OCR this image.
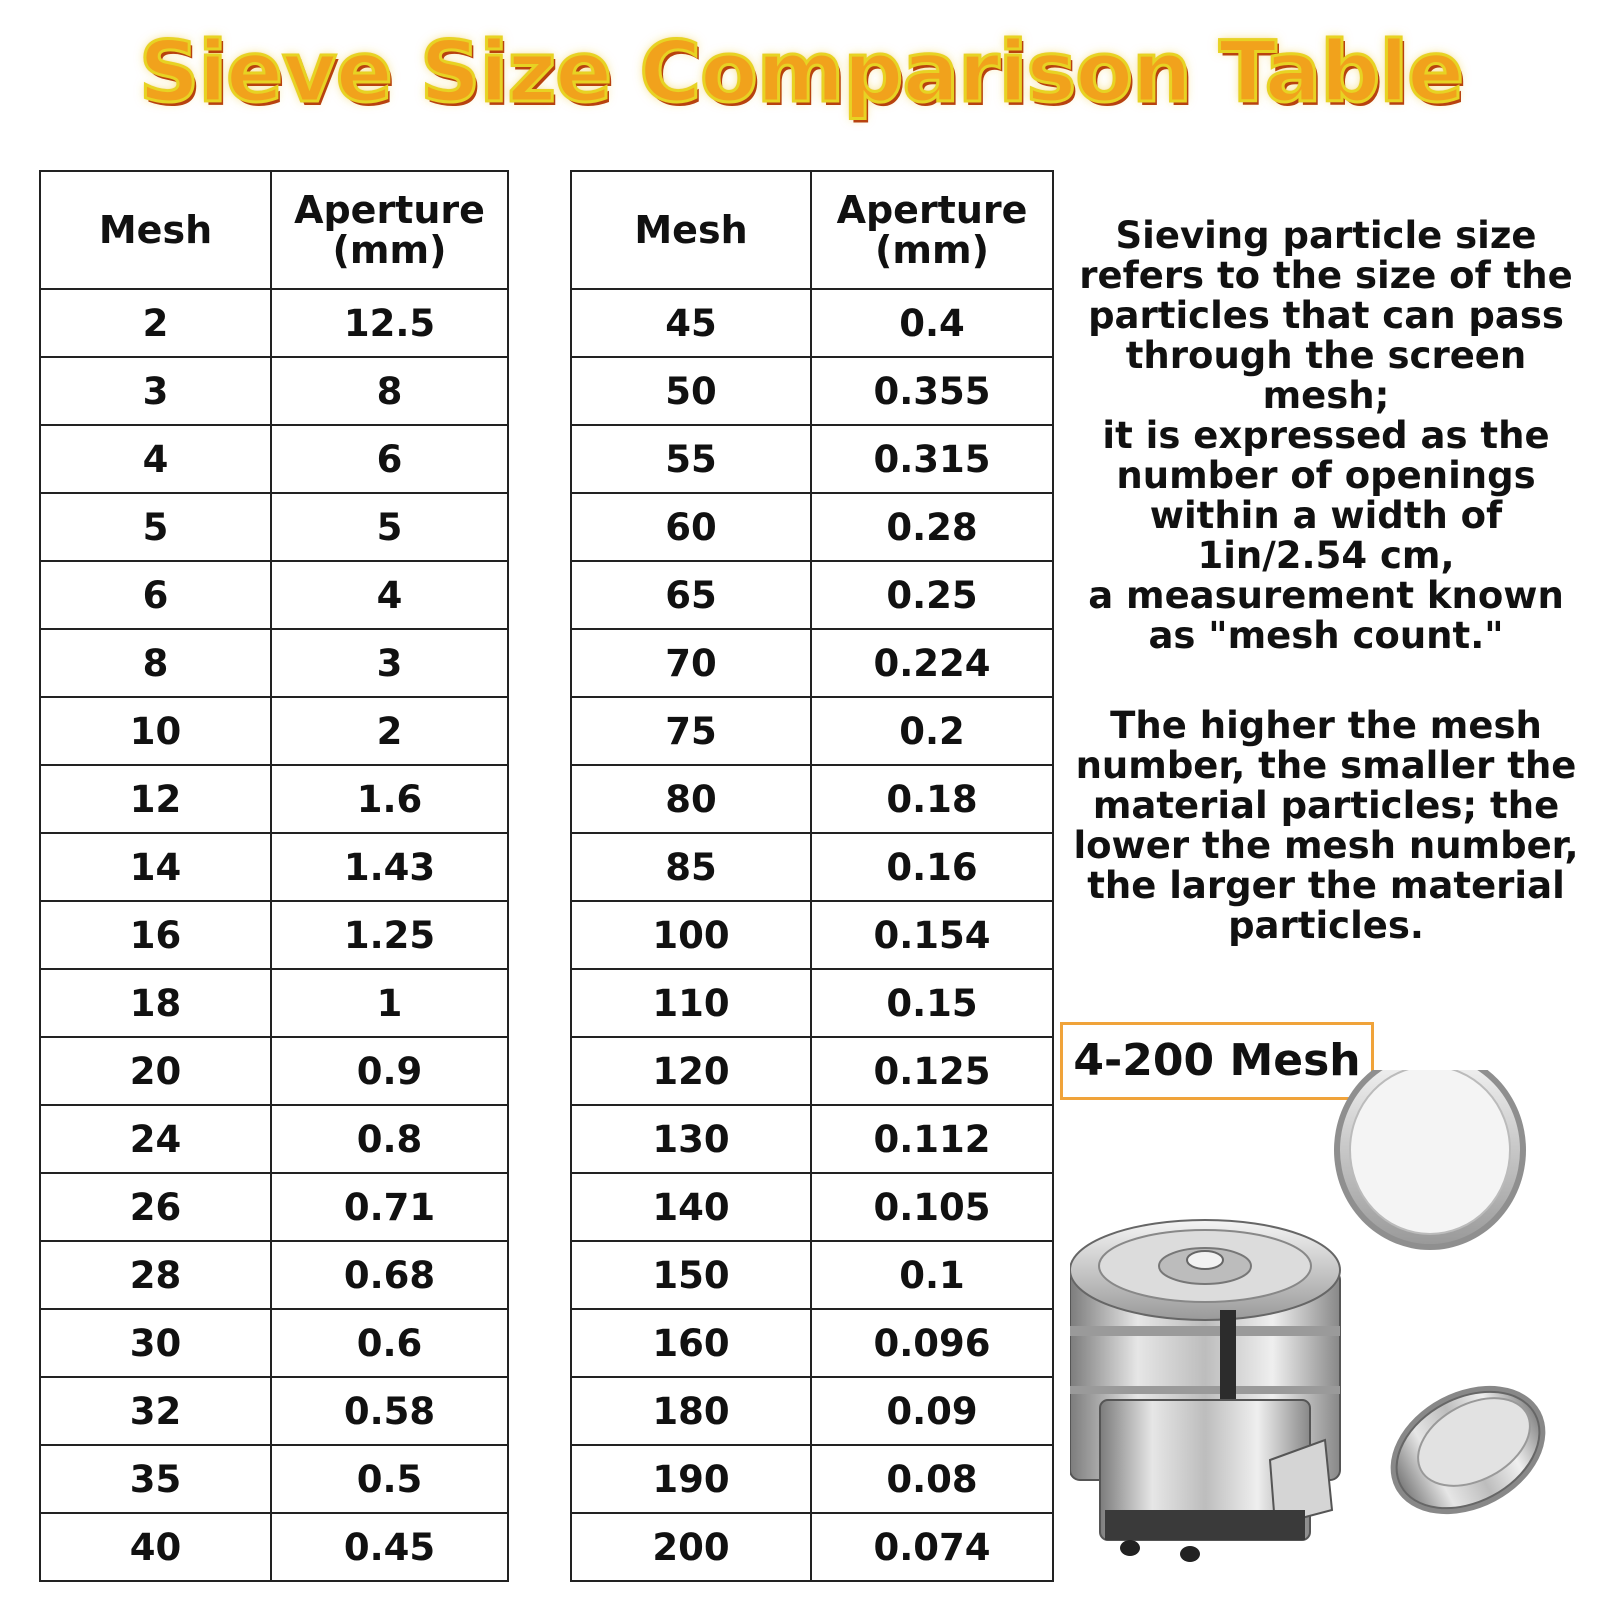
Sieve Size Comparison Table
Mesh	Aperture
(mm)
2	12.5
3	8
4	6
5	5
6	4
8	3
10	2
12	1.6
14	1.43
16	1.25
18	1
20	0.9
24	0.8
26	0.71
28	0.68
30	0.6
32	0.58
35	0.5
40	0.45
Mesh	Aperture
(mm)
45	0.4
50	0.355
55	0.315
60	0.28
65	0.25
70	0.224
75	0.2
80	0.18
85	0.16
100	0.154
110	0.15
120	0.125
130	0.112
140	0.105
150	0.1
160	0.096
180	0.09
190	0.08
200	0.074
Sieving particle size
refers to the size of the
particles that can pass
through the screen mesh;
it is expressed as the
number of openings
within a width of
1in/2.54 cm,
a measurement known
as "mesh count."
The higher the mesh
number, the smaller the
material particles; the
lower the mesh number,
the larger the material
particles.
4-200 Mesh
